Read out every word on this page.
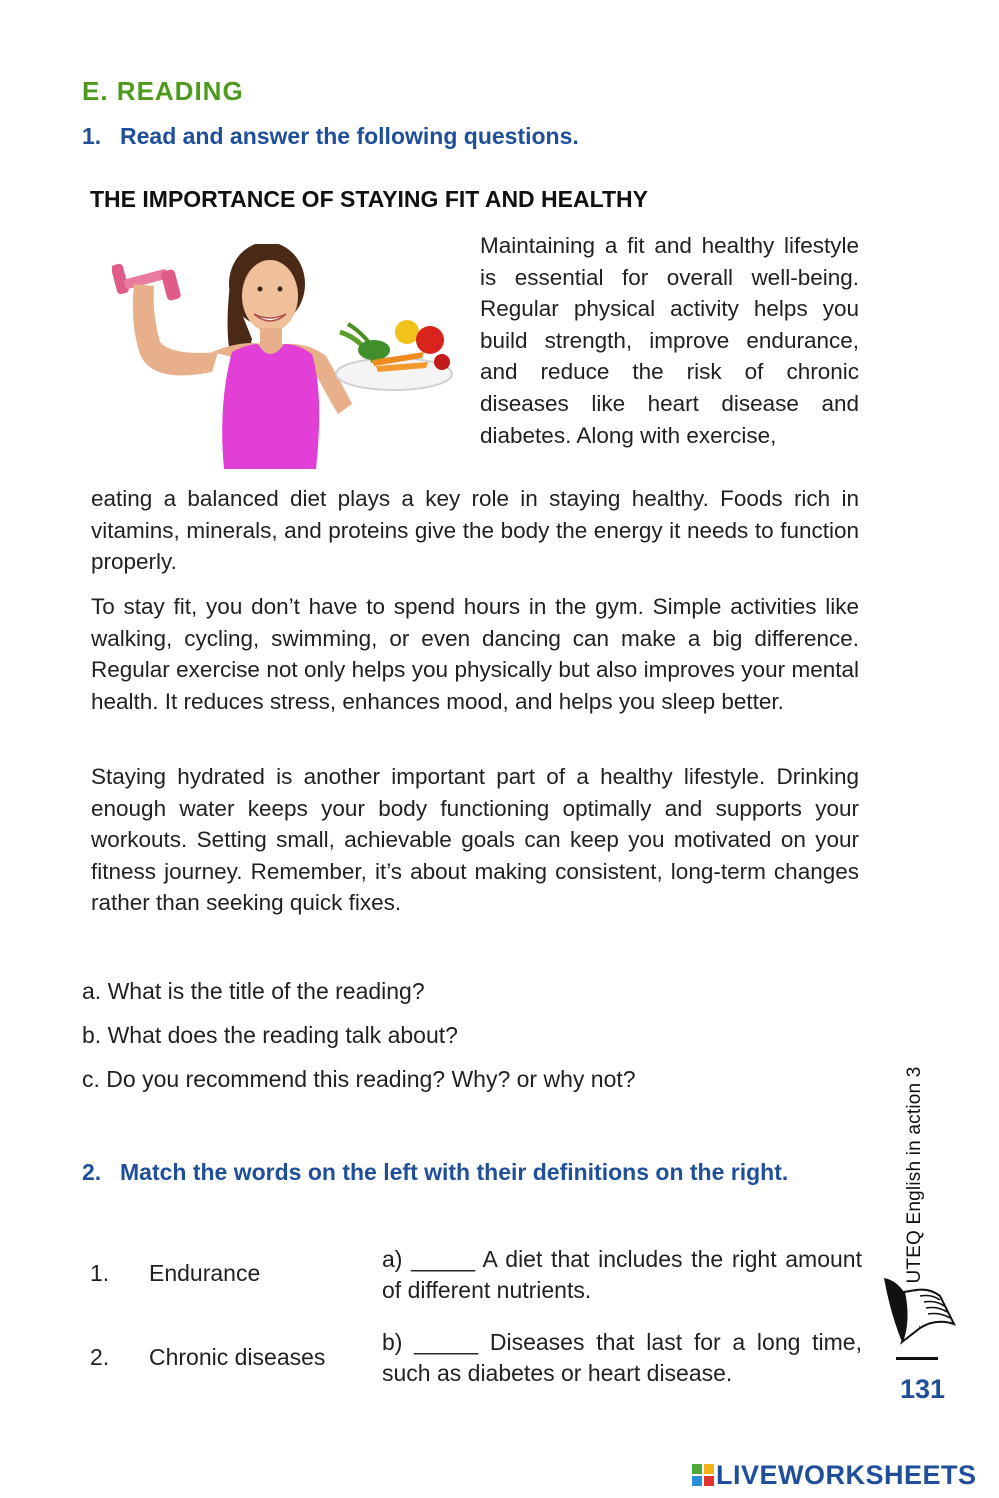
E. READING
1. Read and answer the following questions.
THE IMPORTANCE OF STAYING FIT AND HEALTHY
Maintaining a fit and healthy lifestyle is essential for overall well-being. Regular physical activity helps you build strength, improve endurance, and reduce the risk of chronic diseases like heart disease and diabetes. Along with exercise,
eating a balanced diet plays a key role in staying healthy. Foods rich in vitamins, minerals, and proteins give the body the energy it needs to function properly.
To stay fit, you don’t have to spend hours in the gym. Simple activities like walking, cycling, swimming, or even dancing can make a big difference. Regular exercise not only helps you physically but also improves your mental health. It reduces stress, enhances mood, and helps you sleep better.
Staying hydrated is another important part of a healthy lifestyle. Drinking enough water keeps your body functioning optimally and supports your workouts. Setting small, achievable goals can keep you motivated on your fitness journey. Remember, it’s about making consistent, long-term changes rather than seeking quick fixes.
a. What is the title of the reading?
b. What does the reading talk about?
c. Do you recommend this reading? Why? or why not?
2. Match the words on the left with their definitions on the right.
1. Endurance
a) _____ A diet that includes the right amount of different nutrients.
2. Chronic diseases
b) _____ Diseases that last for a long time, such as diabetes or heart disease.
UTEQ English in action 3
131
LIVEWORKSHEETS
